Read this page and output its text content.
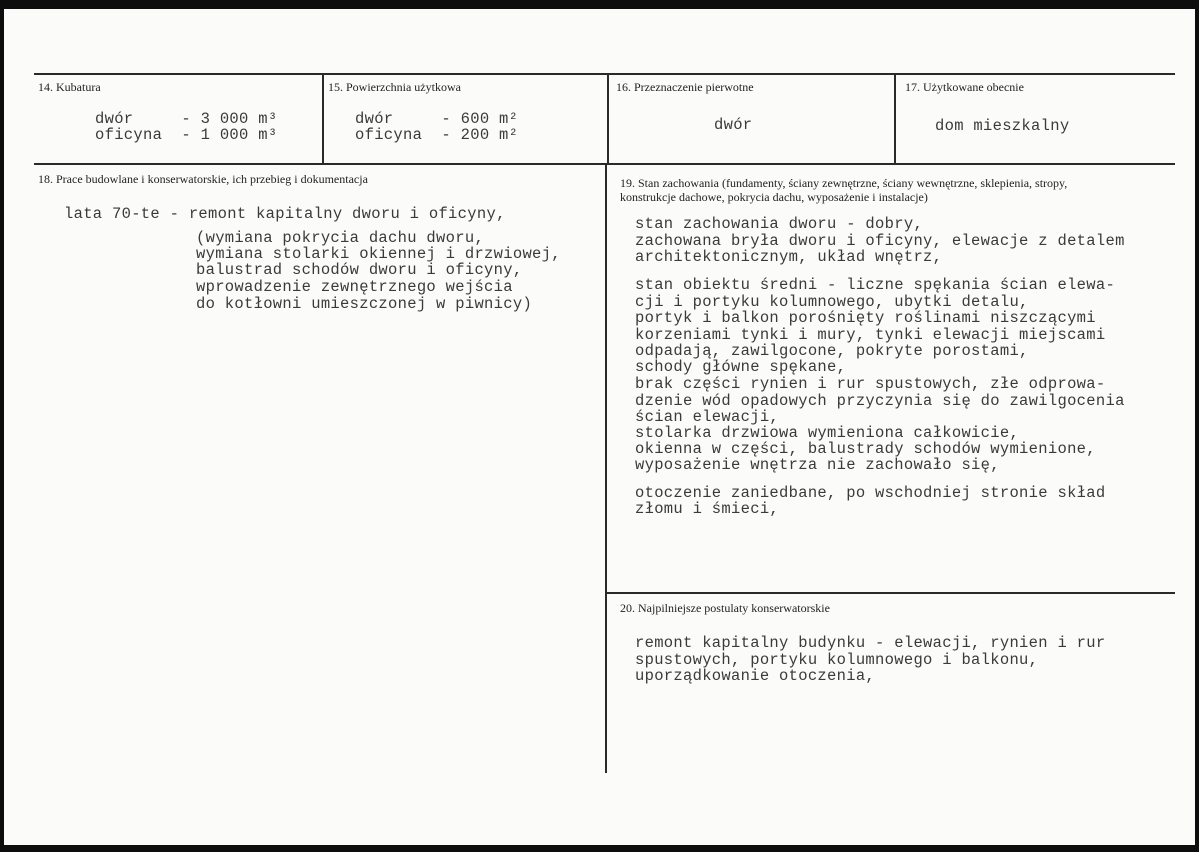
14. Kubatura
dwór     - 3 000 m³
oficyna  - 1 000 m³
15. Powierzchnia użytkowa
dwór     - 600 m²
oficyna  - 200 m²
16. Przeznaczenie pierwotne
dwór
17. Użytkowane obecnie
dom mieszkalny
18. Prace budowlane i konserwatorskie, ich przebieg i dokumentacja
lata 70-te - remont kapitalny dworu i oficyny,
(wymiana pokrycia dachu dworu,
wymiana stolarki okiennej i drzwiowej,
balustrad schodów dworu i oficyny,
wprowadzenie zewnętrznego wejścia
do kotłowni umieszczonej w piwnicy)
19. Stan zachowania (fundamenty, ściany zewnętrzne, ściany wewnętrzne, sklepienia, stropy,
konstrukcje dachowe, pokrycia dachu, wyposażenie i instalacje)
stan zachowania dworu - dobry,
zachowana bryła dworu i oficyny, elewacje z detalem
architektonicznym, układ wnętrz,
stan obiektu średni - liczne spękania ścian elewa-
cji i portyku kolumnowego, ubytki detalu,
portyk i balkon porośnięty roślinami niszczącymi
korzeniami tynki i mury, tynki elewacji miejscami
odpadają, zawilgocone, pokryte porostami,
schody główne spękane,
brak części rynien i rur spustowych, złe odprowa-
dzenie wód opadowych przyczynia się do zawilgocenia
ścian elewacji,
stolarka drzwiowa wymieniona całkowicie,
okienna w części, balustrady schodów wymienione,
wyposażenie wnętrza nie zachowało się,
otoczenie zaniedbane, po wschodniej stronie skład
złomu i śmieci,
20. Najpilniejsze postulaty konserwatorskie
remont kapitalny budynku - elewacji, rynien i rur
spustowych, portyku kolumnowego i balkonu,
uporządkowanie otoczenia,
